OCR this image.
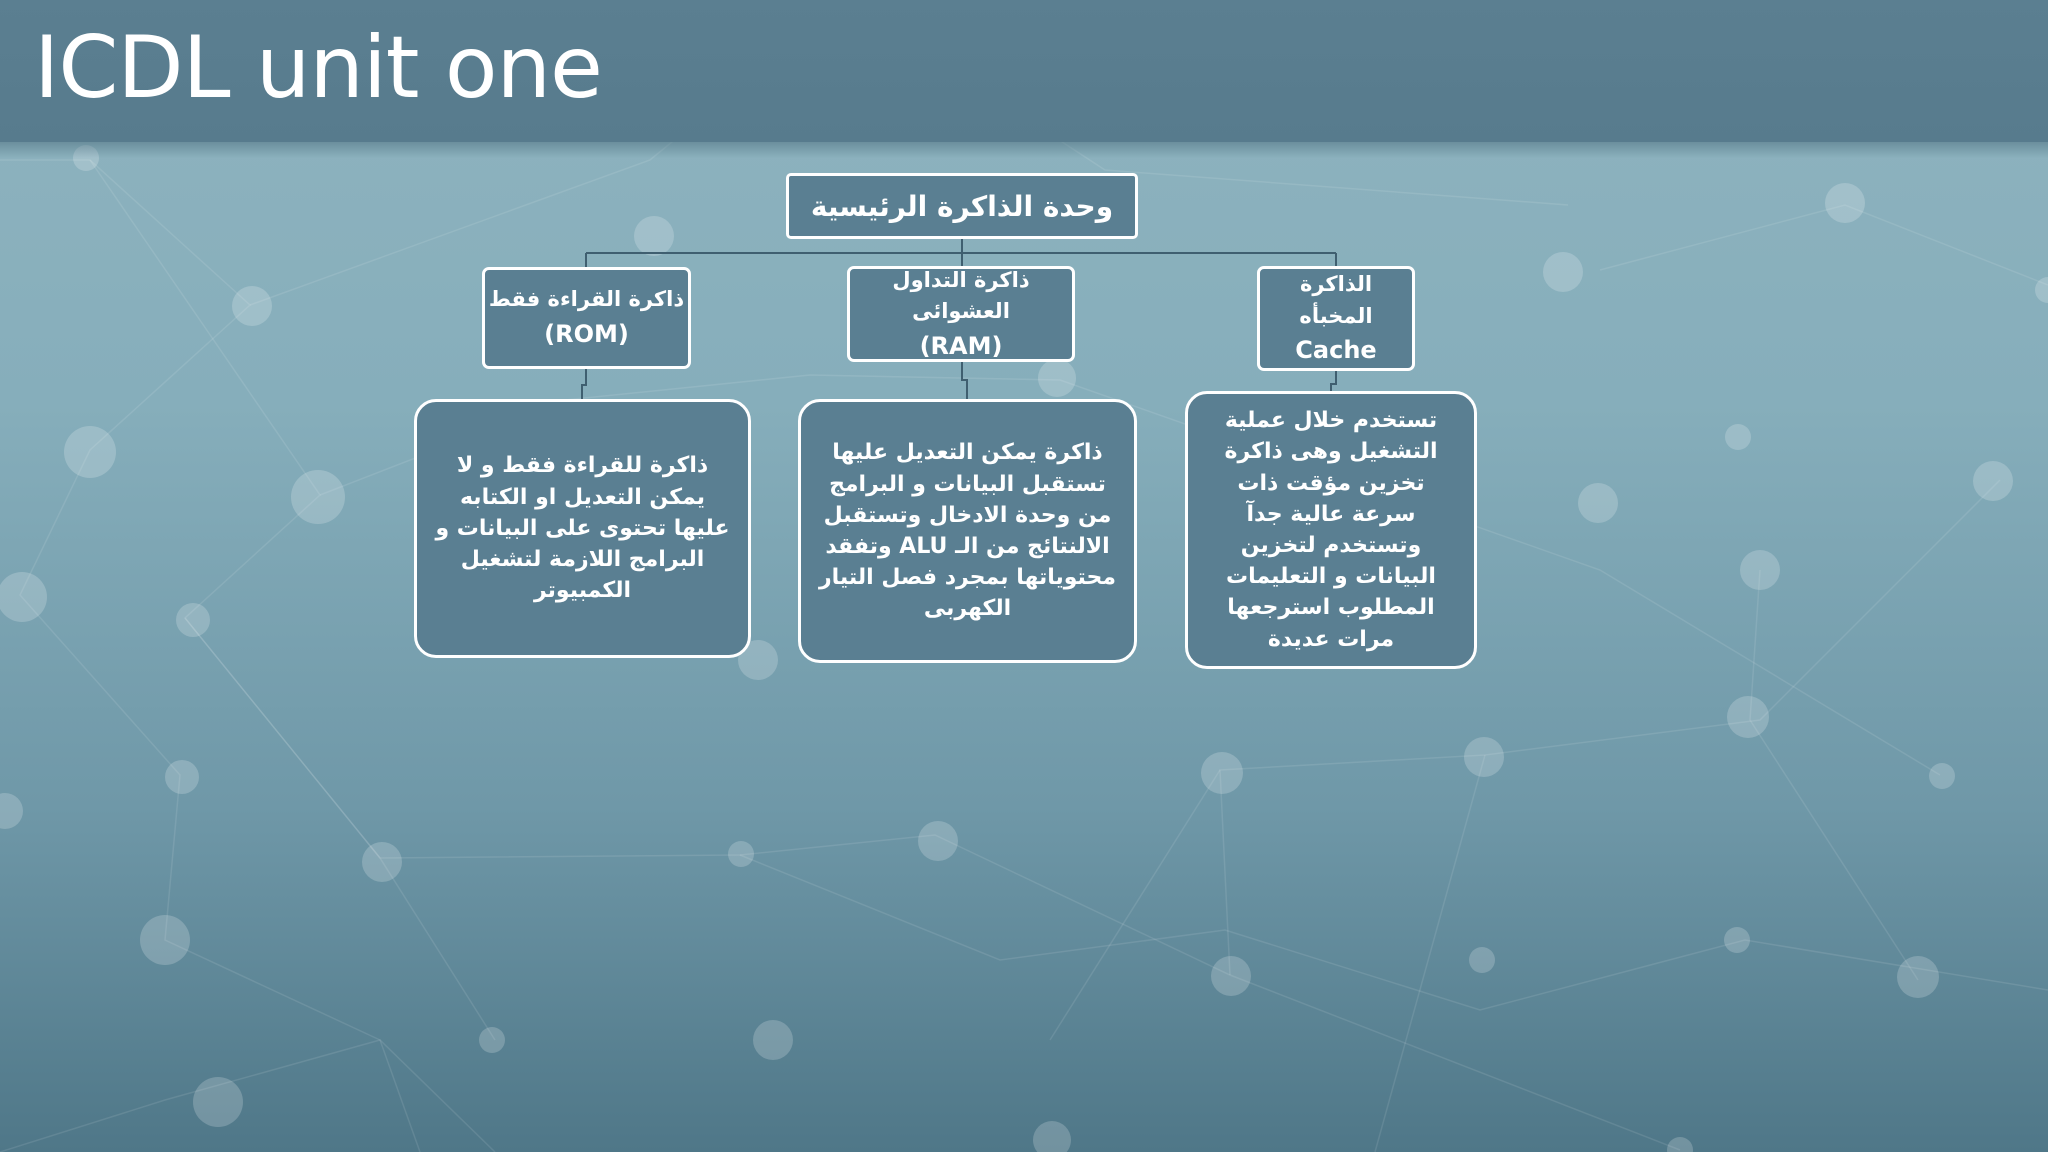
ICDL unit one
وحدة الذاكرة الرئيسية
ذاكرة القراءة فقط
(ROM)
ذاكرة التداول العشوائى
(RAM)
الذاكرة المخبأه
Cache
ذاكرة للقراءة فقط و لا يمكن التعديل او الكتابه عليها تحتوى على البيانات و البرامج اللازمة لتشغيل الكمبيوتر
ذاكرة يمكن التعديل عليها تستقبل البيانات و البرامج من وحدة الادخال وتستقبل الالنتائج من الـ ALU وتفقد محتوياتها بمجرد فصل التيار الكهربى
تستخدم خلال عملية التشغيل وهى ذاكرة تخزين مؤقت ذات سرعة عالية جدآ وتستخدم لتخزين البيانات و التعليمات المطلوب استرجعها مرات عديدة
